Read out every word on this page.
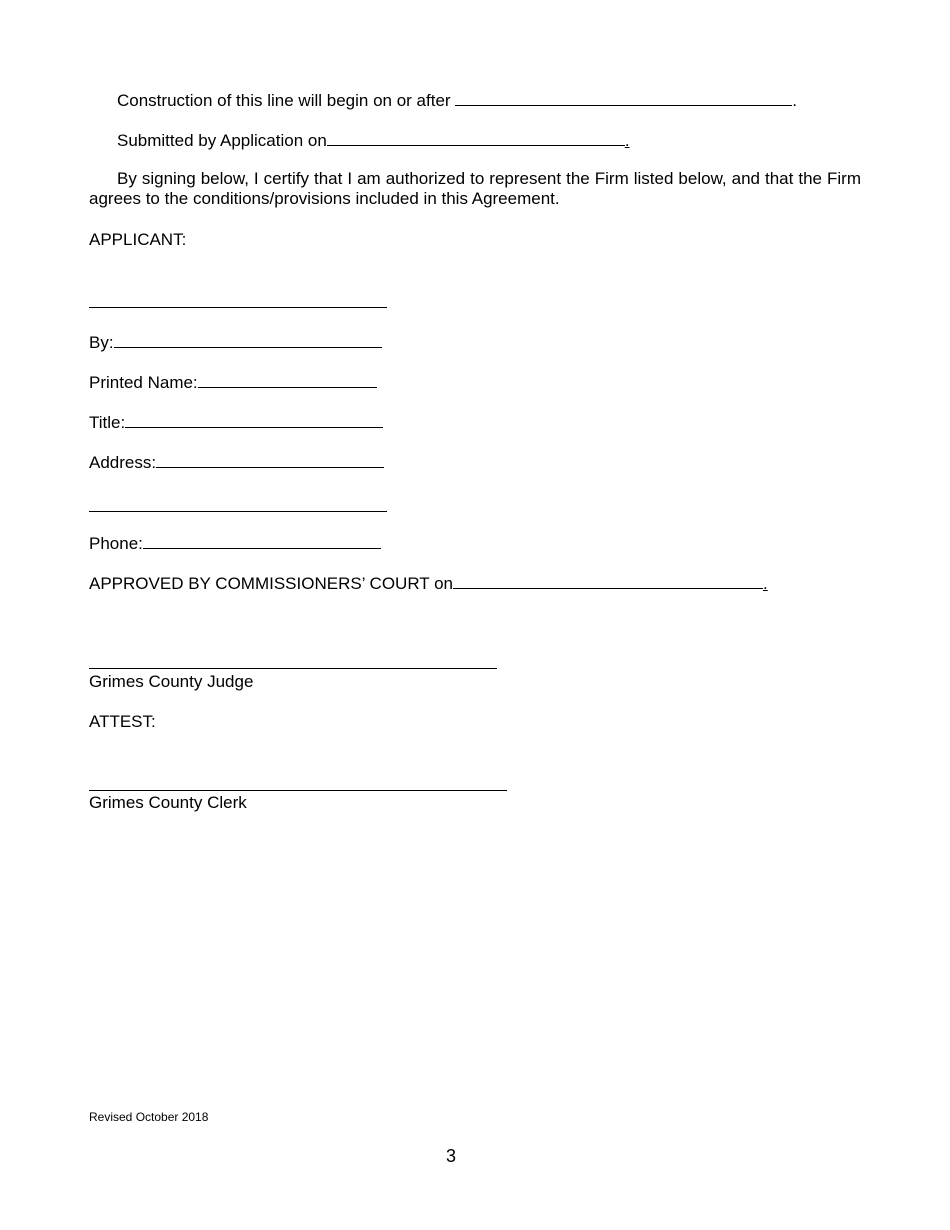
Construction of this line will begin on or after	.
Submitted by Application on	.
By signing below, I certify that I am authorized to represent the Firm listed below, and that the Firm agrees to the conditions/provisions included in this Agreement.
APPLICANT:
By:
Printed Name:
Title:
Address:
Phone:
APPROVED BY COMMISSIONERS’ COURT on	.
Grimes County Judge
ATTEST:
Grimes County Clerk
Revised October 2018
3
